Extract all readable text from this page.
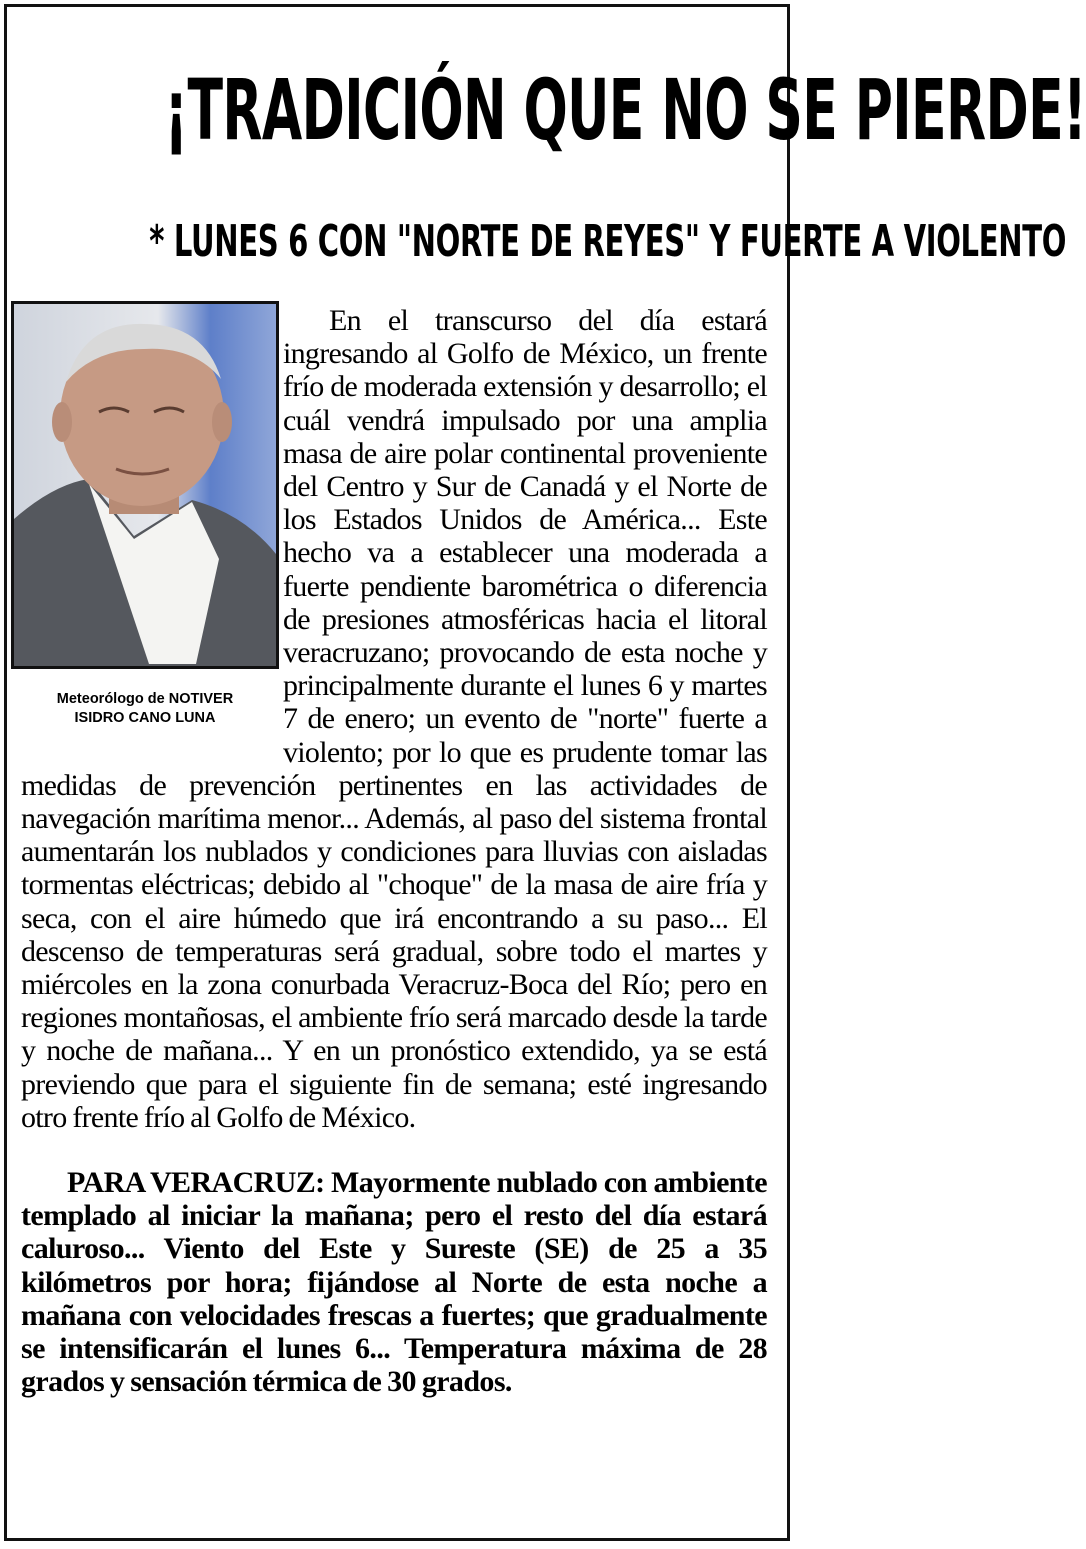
¡TRADICIÓN QUE NO SE PIERDE!
* LUNES 6 CON "NORTE DE REYES" Y FUERTE A VIOLENTO
Meteorólogo de NOTIVER
ISIDRO CANO LUNA

En el transcurso del día estará ingresando al Golfo de México, un frente frío de moderada extensión y desarrollo; el cuál vendrá impulsado por una amplia masa de aire polar continental proveniente del Centro y Sur de Canadá y el Norte de los Estados Unidos de América... Este hecho va a establecer una moderada a fuerte pendiente barométrica o diferencia de presiones atmosféricas hacia el litoral veracruzano; provocando de esta noche y principalmente durante el lunes 6 y martes 7 de enero; un evento de "norte" fuerte a violento; por lo que es prudente tomar las medidas de prevención pertinentes en las actividades de navegación marítima menor... Además, al paso del sistema frontal aumentarán los nublados y condiciones para lluvias con aisladas tormentas eléctricas; debido al "choque" de la masa de aire fría y seca, con el aire húmedo que irá encontrando a su paso... El descenso de temperaturas será gradual, sobre todo el martes y miércoles en la zona conurbada Veracruz-Boca del Río; pero en regiones montañosas, el ambiente frío será marcado desde la tarde y noche de mañana... Y en un pronóstico extendido, ya se está previendo que para el siguiente fin de semana; esté ingresando otro frente frío al Golfo de México.

PARA VERACRUZ: Mayormente nublado con ambiente templado al iniciar la mañana; pero el resto del día estará caluroso... Viento del Este y Sureste (SE) de 25 a 35 kilómetros por hora; fijándose al Norte de esta noche a mañana con velocidades frescas a fuertes; que gradualmente se intensificarán el lunes 6... Temperatura máxima de 28 grados y sensación térmica de 30 grados.
